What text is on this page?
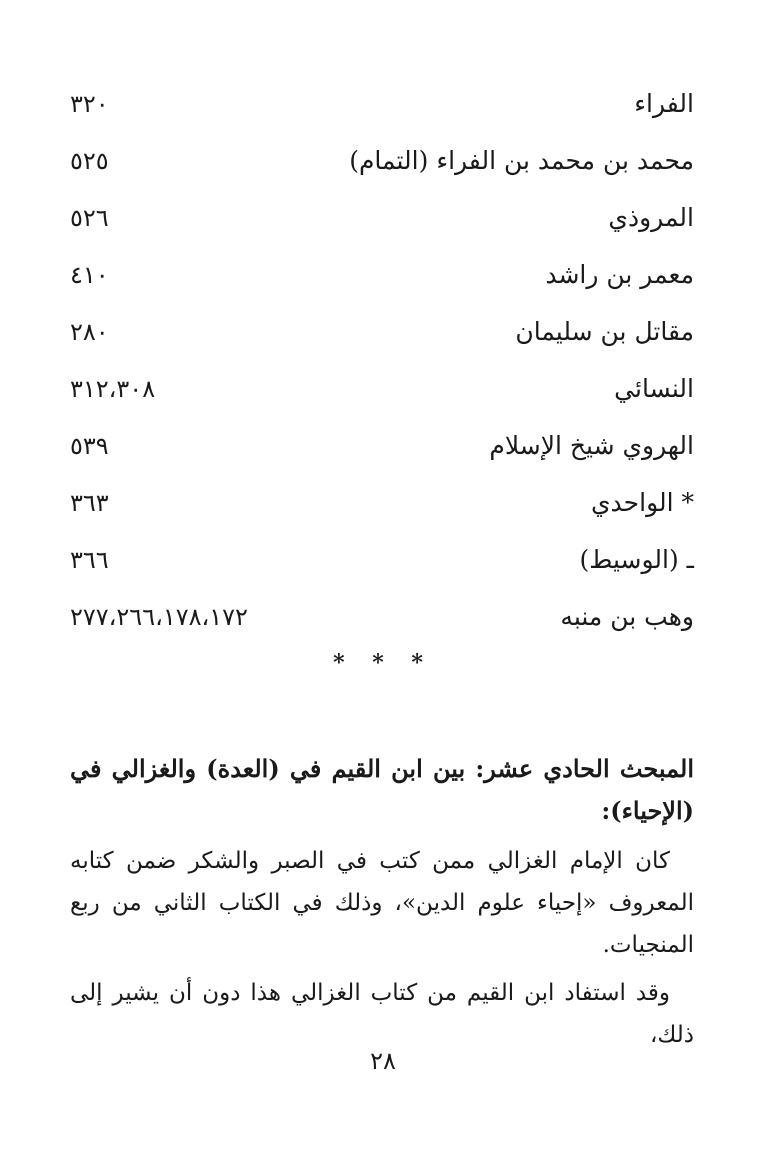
الفراء
٣٢٠
محمد بن محمد بن الفراء (التمام)
٥٢٥
المروذي
٥٢٦
معمر بن راشد
٤١٠
مقاتل بن سليمان
٢٨٠
النسائي
٣١٢،٣٠٨
الهروي شيخ الإسلام
٥٣٩
* الواحدي
٣٦٣
ـ (الوسيط)
٣٦٦
وهب بن منبه
٢٧٧،٢٦٦،١٧٨،١٧٢
* * *

المبحث الحادي عشر: بين ابن القيم في (العدة) والغزالي في (الإحياء):

كان الإمام الغزالي ممن كتب في الصبر والشكر ضمن كتابه المعروف «إحياء علوم الدين»، وذلك في الكتاب الثاني من ربع المنجيات.

وقد استفاد ابن القيم من كتاب الغزالي هذا دون أن يشير إلى ذلك،

٢٨
